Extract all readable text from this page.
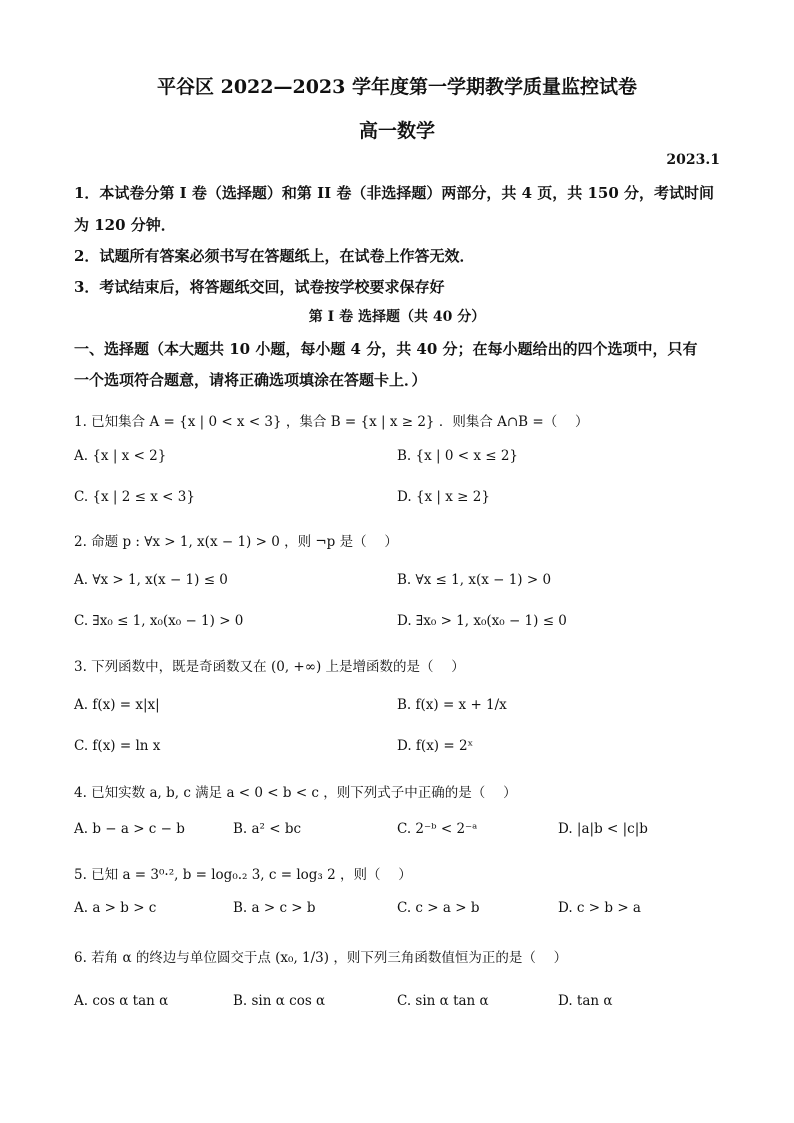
平谷区 2022—2023 学年度第一学期教学质量监控试卷
高一数学
2023.1
1．本试卷分第 I 卷（选择题）和第 II 卷（非选择题）两部分，共 4 页，共 150 分，考试时间
为 120 分钟．
2．试题所有答案必须书写在答题纸上，在试卷上作答无效．
3．考试结束后，将答题纸交回，试卷按学校要求保存好
第 I 卷 选择题（共 40 分）
一、选择题（本大题共 10 小题，每小题 4 分，共 40 分；在每小题给出的四个选项中，只有
一个选项符合题意，请将正确选项填涂在答题卡上．）
1. 已知集合 A = {x | 0 < x < 3} ，集合 B = {x | x ≥ 2} ．则集合 A∩B =（　 ）
A. {x | x < 2}	B. {x | 0 < x ≤ 2}
C. {x | 2 ≤ x < 3}	D. {x | x ≥ 2}
2. 命题 p : ∀x > 1, x(x − 1) > 0 ，则 ¬p 是（　 ）
A. ∀x > 1, x(x − 1) ≤ 0	B. ∀x ≤ 1, x(x − 1) > 0
C. ∃x₀ ≤ 1, x₀(x₀ − 1) > 0	D. ∃x₀ > 1, x₀(x₀ − 1) ≤ 0
3. 下列函数中，既是奇函数又在 (0, +∞) 上是增函数的是（　 ）
A. f(x) = x|x|	B. f(x) = x + 1/x
C. f(x) = ln x	D. f(x) = 2ˣ
4. 已知实数 a, b, c 满足 a < 0 < b < c ，则下列式子中正确的是（　 ）
A. b − a > c − b	B. a² < bc	C. 2⁻ᵇ < 2⁻ᵃ	D. |a|b < |c|b
5. 已知 a = 3⁰·², b = log₀.₂ 3, c = log₃ 2 ，则（　 ）
A. a > b > c	B. a > c > b	C. c > a > b	D. c > b > a
6. 若角 α 的终边与单位圆交于点 (x₀, 1/3) ，则下列三角函数值恒为正的是（　 ）
A. cos α tan α	B. sin α cos α	C. sin α tan α	D. tan α
